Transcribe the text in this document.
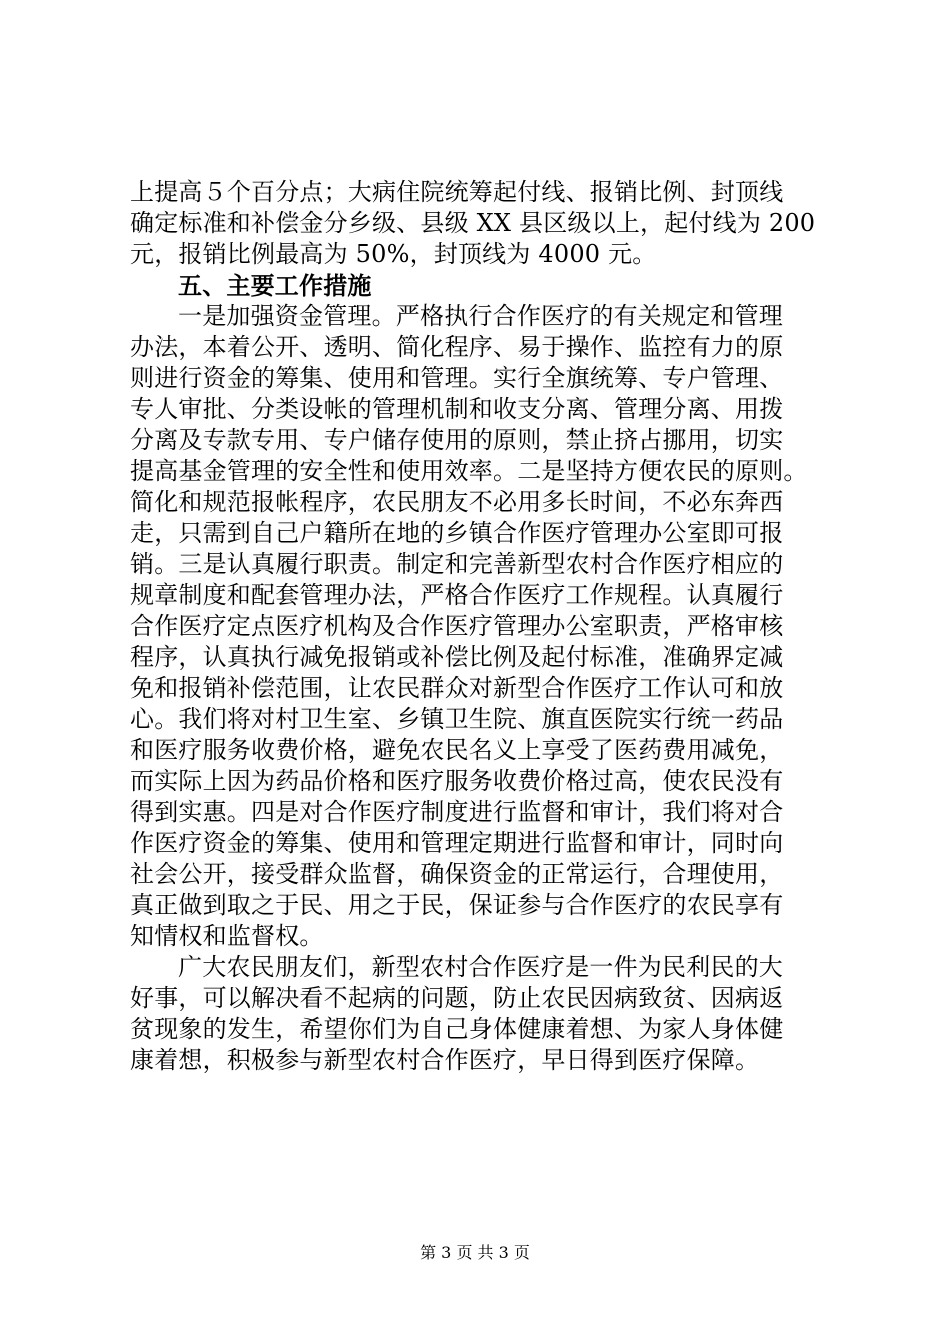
上提高５个百分点；大病住院统筹起付线、报销比例、封顶线
确定标准和补偿金分乡级、县级 XX 县区级以上，起付线为 200
元，报销比例最高为 50%，封顶线为 4000 元。
五、主要工作措施
一是加强资金管理。严格执行合作医疗的有关规定和管理
办法，本着公开、透明、简化程序、易于操作、监控有力的原
则进行资金的筹集、使用和管理。实行全旗统筹、专户管理、
专人审批、分类设帐的管理机制和收支分离、管理分离、用拨
分离及专款专用、专户储存使用的原则，禁止挤占挪用，切实
提高基金管理的安全性和使用效率。二是坚持方便农民的原则。
简化和规范报帐程序，农民朋友不必用多长时间，不必东奔西
走，只需到自己户籍所在地的乡镇合作医疗管理办公室即可报
销。三是认真履行职责。制定和完善新型农村合作医疗相应的
规章制度和配套管理办法，严格合作医疗工作规程。认真履行
合作医疗定点医疗机构及合作医疗管理办公室职责，严格审核
程序，认真执行减免报销或补偿比例及起付标准，准确界定减
免和报销补偿范围，让农民群众对新型合作医疗工作认可和放
心。我们将对村卫生室、乡镇卫生院、旗直医院实行统一药品
和医疗服务收费价格，避免农民名义上享受了医药费用减免，
而实际上因为药品价格和医疗服务收费价格过高，使农民没有
得到实惠。四是对合作医疗制度进行监督和审计，我们将对合
作医疗资金的筹集、使用和管理定期进行监督和审计，同时向
社会公开，接受群众监督，确保资金的正常运行，合理使用，
真正做到取之于民、用之于民，保证参与合作医疗的农民享有
知情权和监督权。
广大农民朋友们，新型农村合作医疗是一件为民利民的大
好事，可以解决看不起病的问题，防止农民因病致贫、因病返
贫现象的发生，希望你们为自己身体健康着想、为家人身体健
康着想，积极参与新型农村合作医疗，早日得到医疗保障。
第 3 页 共 3 页
